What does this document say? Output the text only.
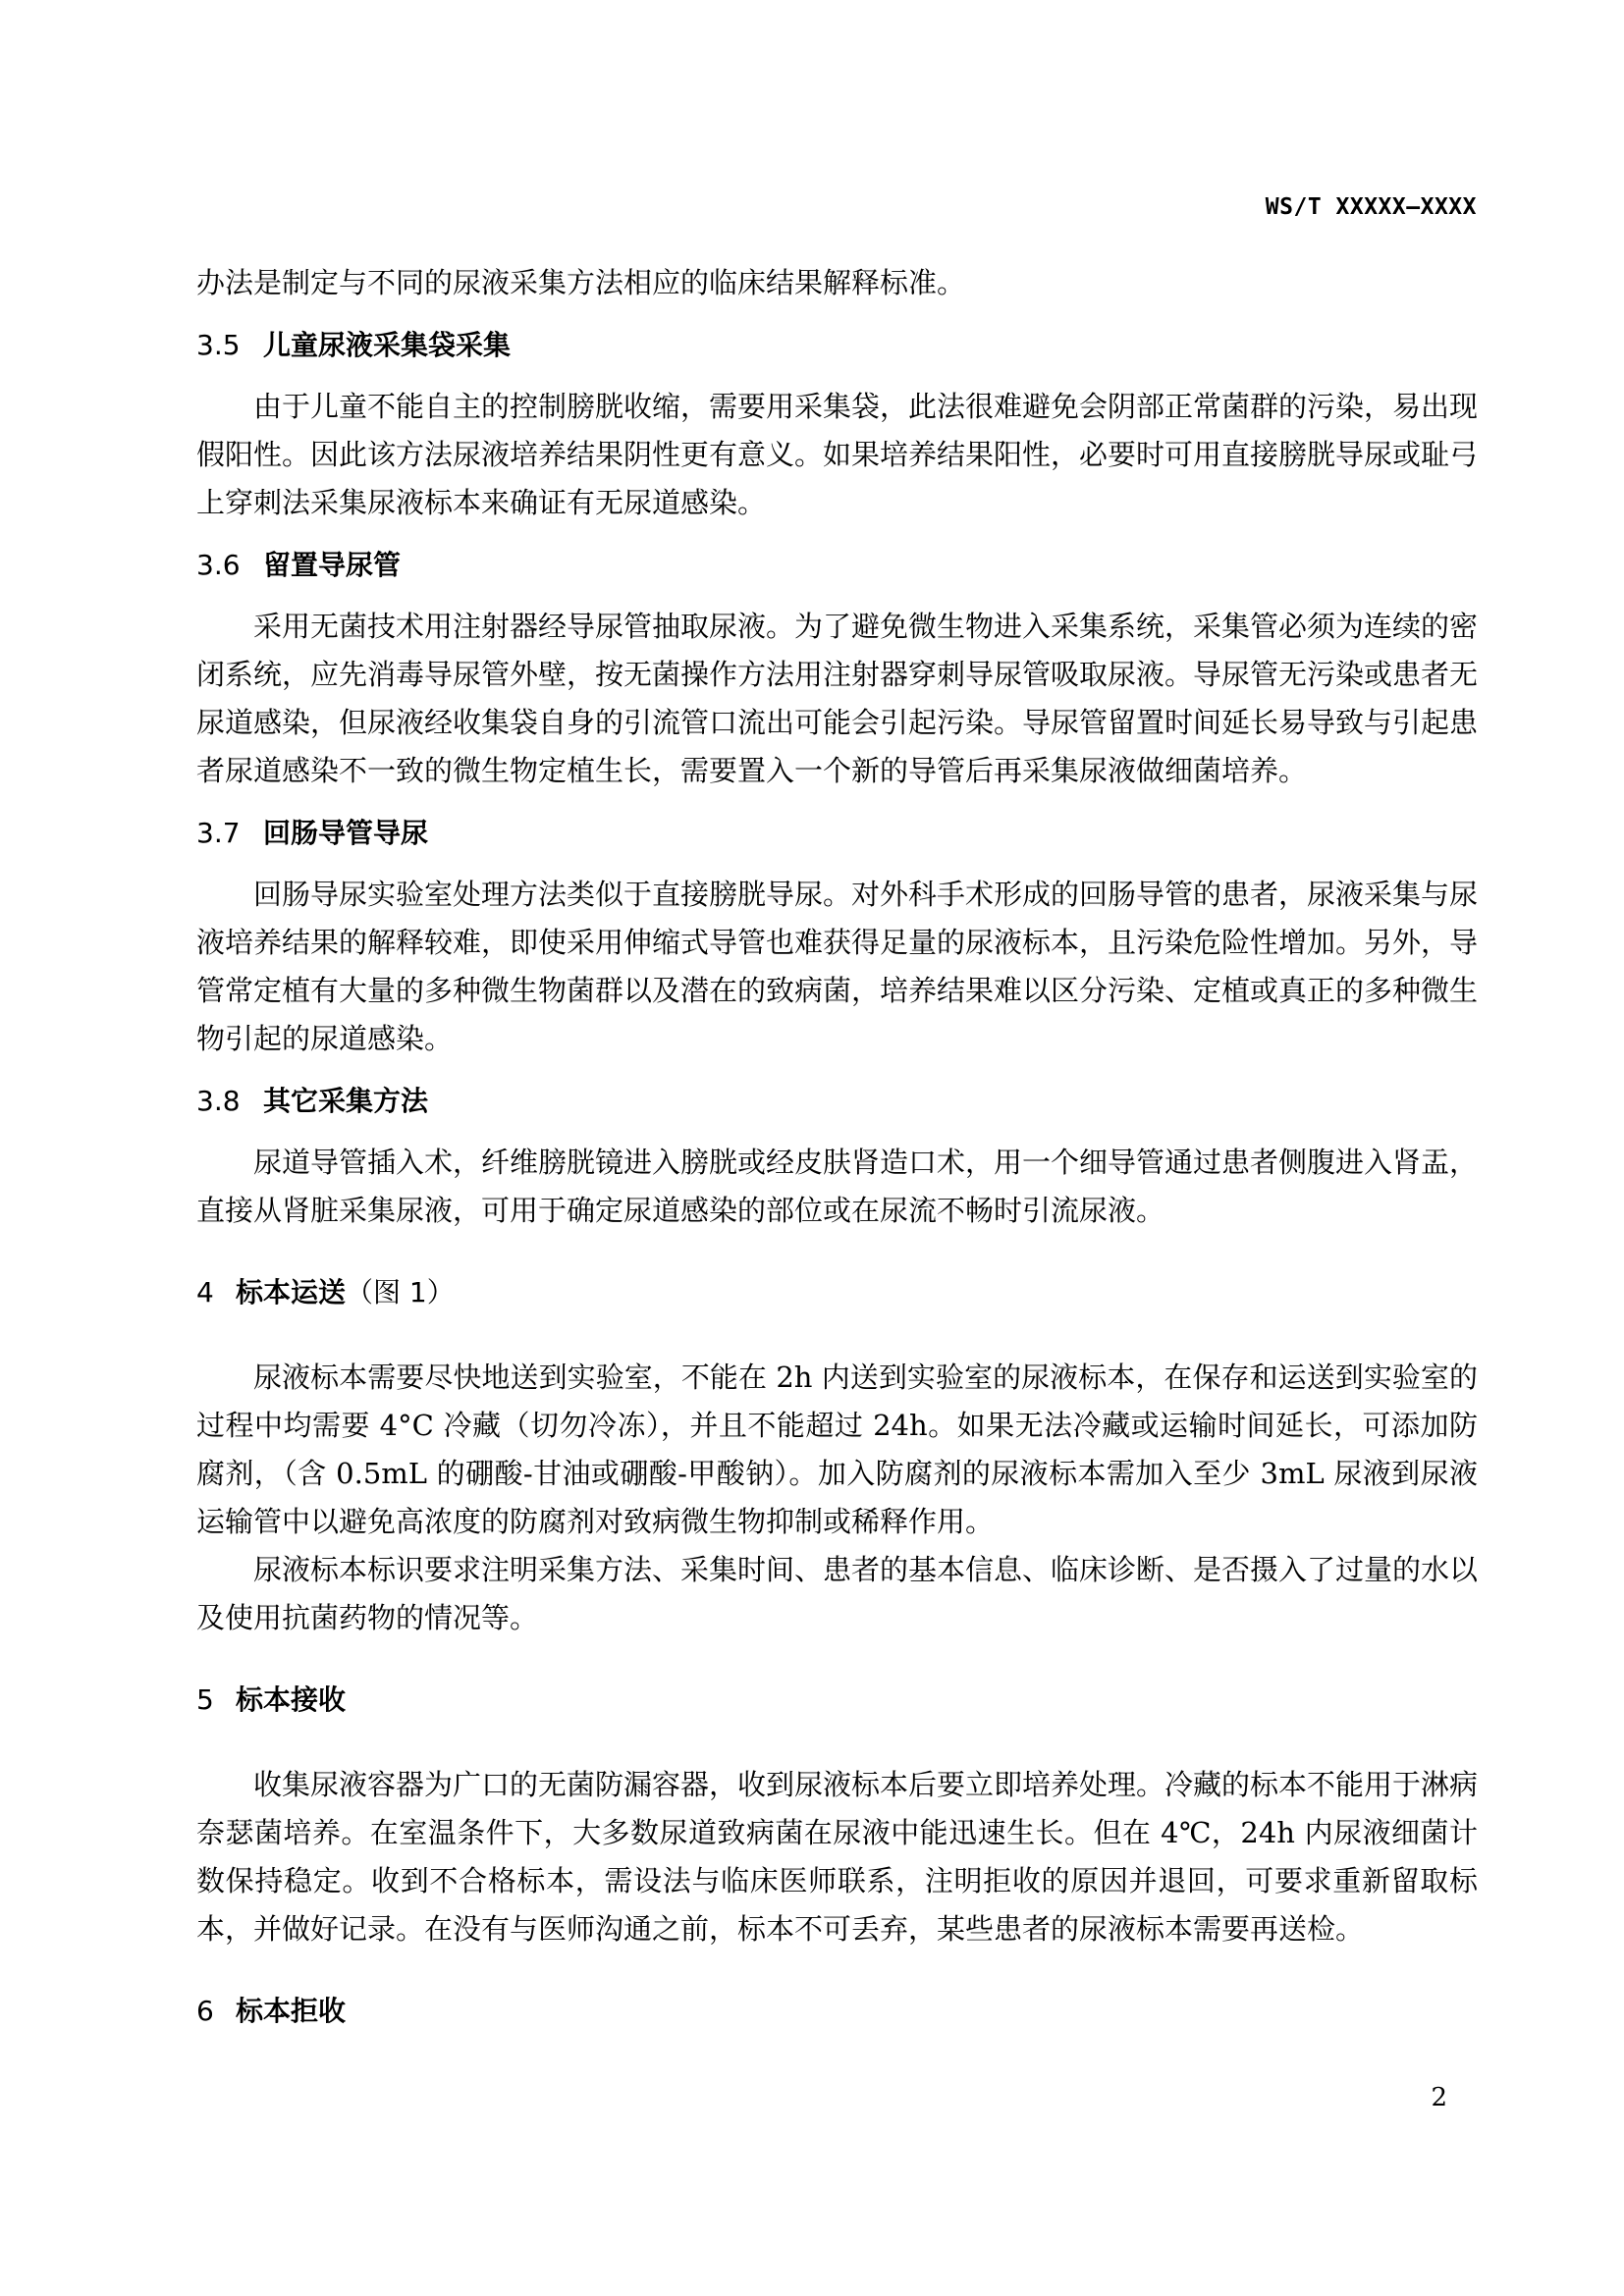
WS/T XXXXX—XXXX

办法是制定与不同的尿液采集方法相应的临床结果解释标准。

3.5 儿童尿液采集袋采集

由于儿童不能自主的控制膀胱收缩，需要用采集袋，此法很难避免会阴部正常菌群的污染，易出现假阳性。因此该方法尿液培养结果阴性更有意义。如果培养结果阳性，必要时可用直接膀胱导尿或耻弓上穿刺法采集尿液标本来确证有无尿道感染。

3.6 留置导尿管

采用无菌技术用注射器经导尿管抽取尿液。为了避免微生物进入采集系统，采集管必须为连续的密闭系统，应先消毒导尿管外壁，按无菌操作方法用注射器穿刺导尿管吸取尿液。导尿管无污染或患者无尿道感染，但尿液经收集袋自身的引流管口流出可能会引起污染。导尿管留置时间延长易导致与引起患者尿道感染不一致的微生物定植生长，需要置入一个新的导管后再采集尿液做细菌培养。

3.7 回肠导管导尿

回肠导尿实验室处理方法类似于直接膀胱导尿。对外科手术形成的回肠导管的患者，尿液采集与尿液培养结果的解释较难，即使采用伸缩式导管也难获得足量的尿液标本，且污染危险性增加。另外，导管常定植有大量的多种微生物菌群以及潜在的致病菌，培养结果难以区分污染、定植或真正的多种微生物引起的尿道感染。

3.8 其它采集方法

尿道导管插入术，纤维膀胱镜进入膀胱或经皮肤肾造口术，用一个细导管通过患者侧腹进入肾盂，直接从肾脏采集尿液，可用于确定尿道感染的部位或在尿流不畅时引流尿液。

4 标本运送（图 1）

尿液标本需要尽快地送到实验室，不能在 2h 内送到实验室的尿液标本，在保存和运送到实验室的过程中均需要 4°C 冷藏（切勿冷冻），并且不能超过 24h。如果无法冷藏或运输时间延长，可添加防腐剂，（含 0.5mL 的硼酸-甘油或硼酸-甲酸钠）。加入防腐剂的尿液标本需加入至少 3mL 尿液到尿液运输管中以避免高浓度的防腐剂对致病微生物抑制或稀释作用。

尿液标本标识要求注明采集方法、采集时间、患者的基本信息、临床诊断、是否摄入了过量的水以及使用抗菌药物的情况等。

5 标本接收

收集尿液容器为广口的无菌防漏容器，收到尿液标本后要立即培养处理。冷藏的标本不能用于淋病奈瑟菌培养。在室温条件下，大多数尿道致病菌在尿液中能迅速生长。但在 4℃，24h 内尿液细菌计数保持稳定。收到不合格标本，需设法与临床医师联系，注明拒收的原因并退回，可要求重新留取标本，并做好记录。在没有与医师沟通之前，标本不可丢弃，某些患者的尿液标本需要再送检。

6 标本拒收
2
